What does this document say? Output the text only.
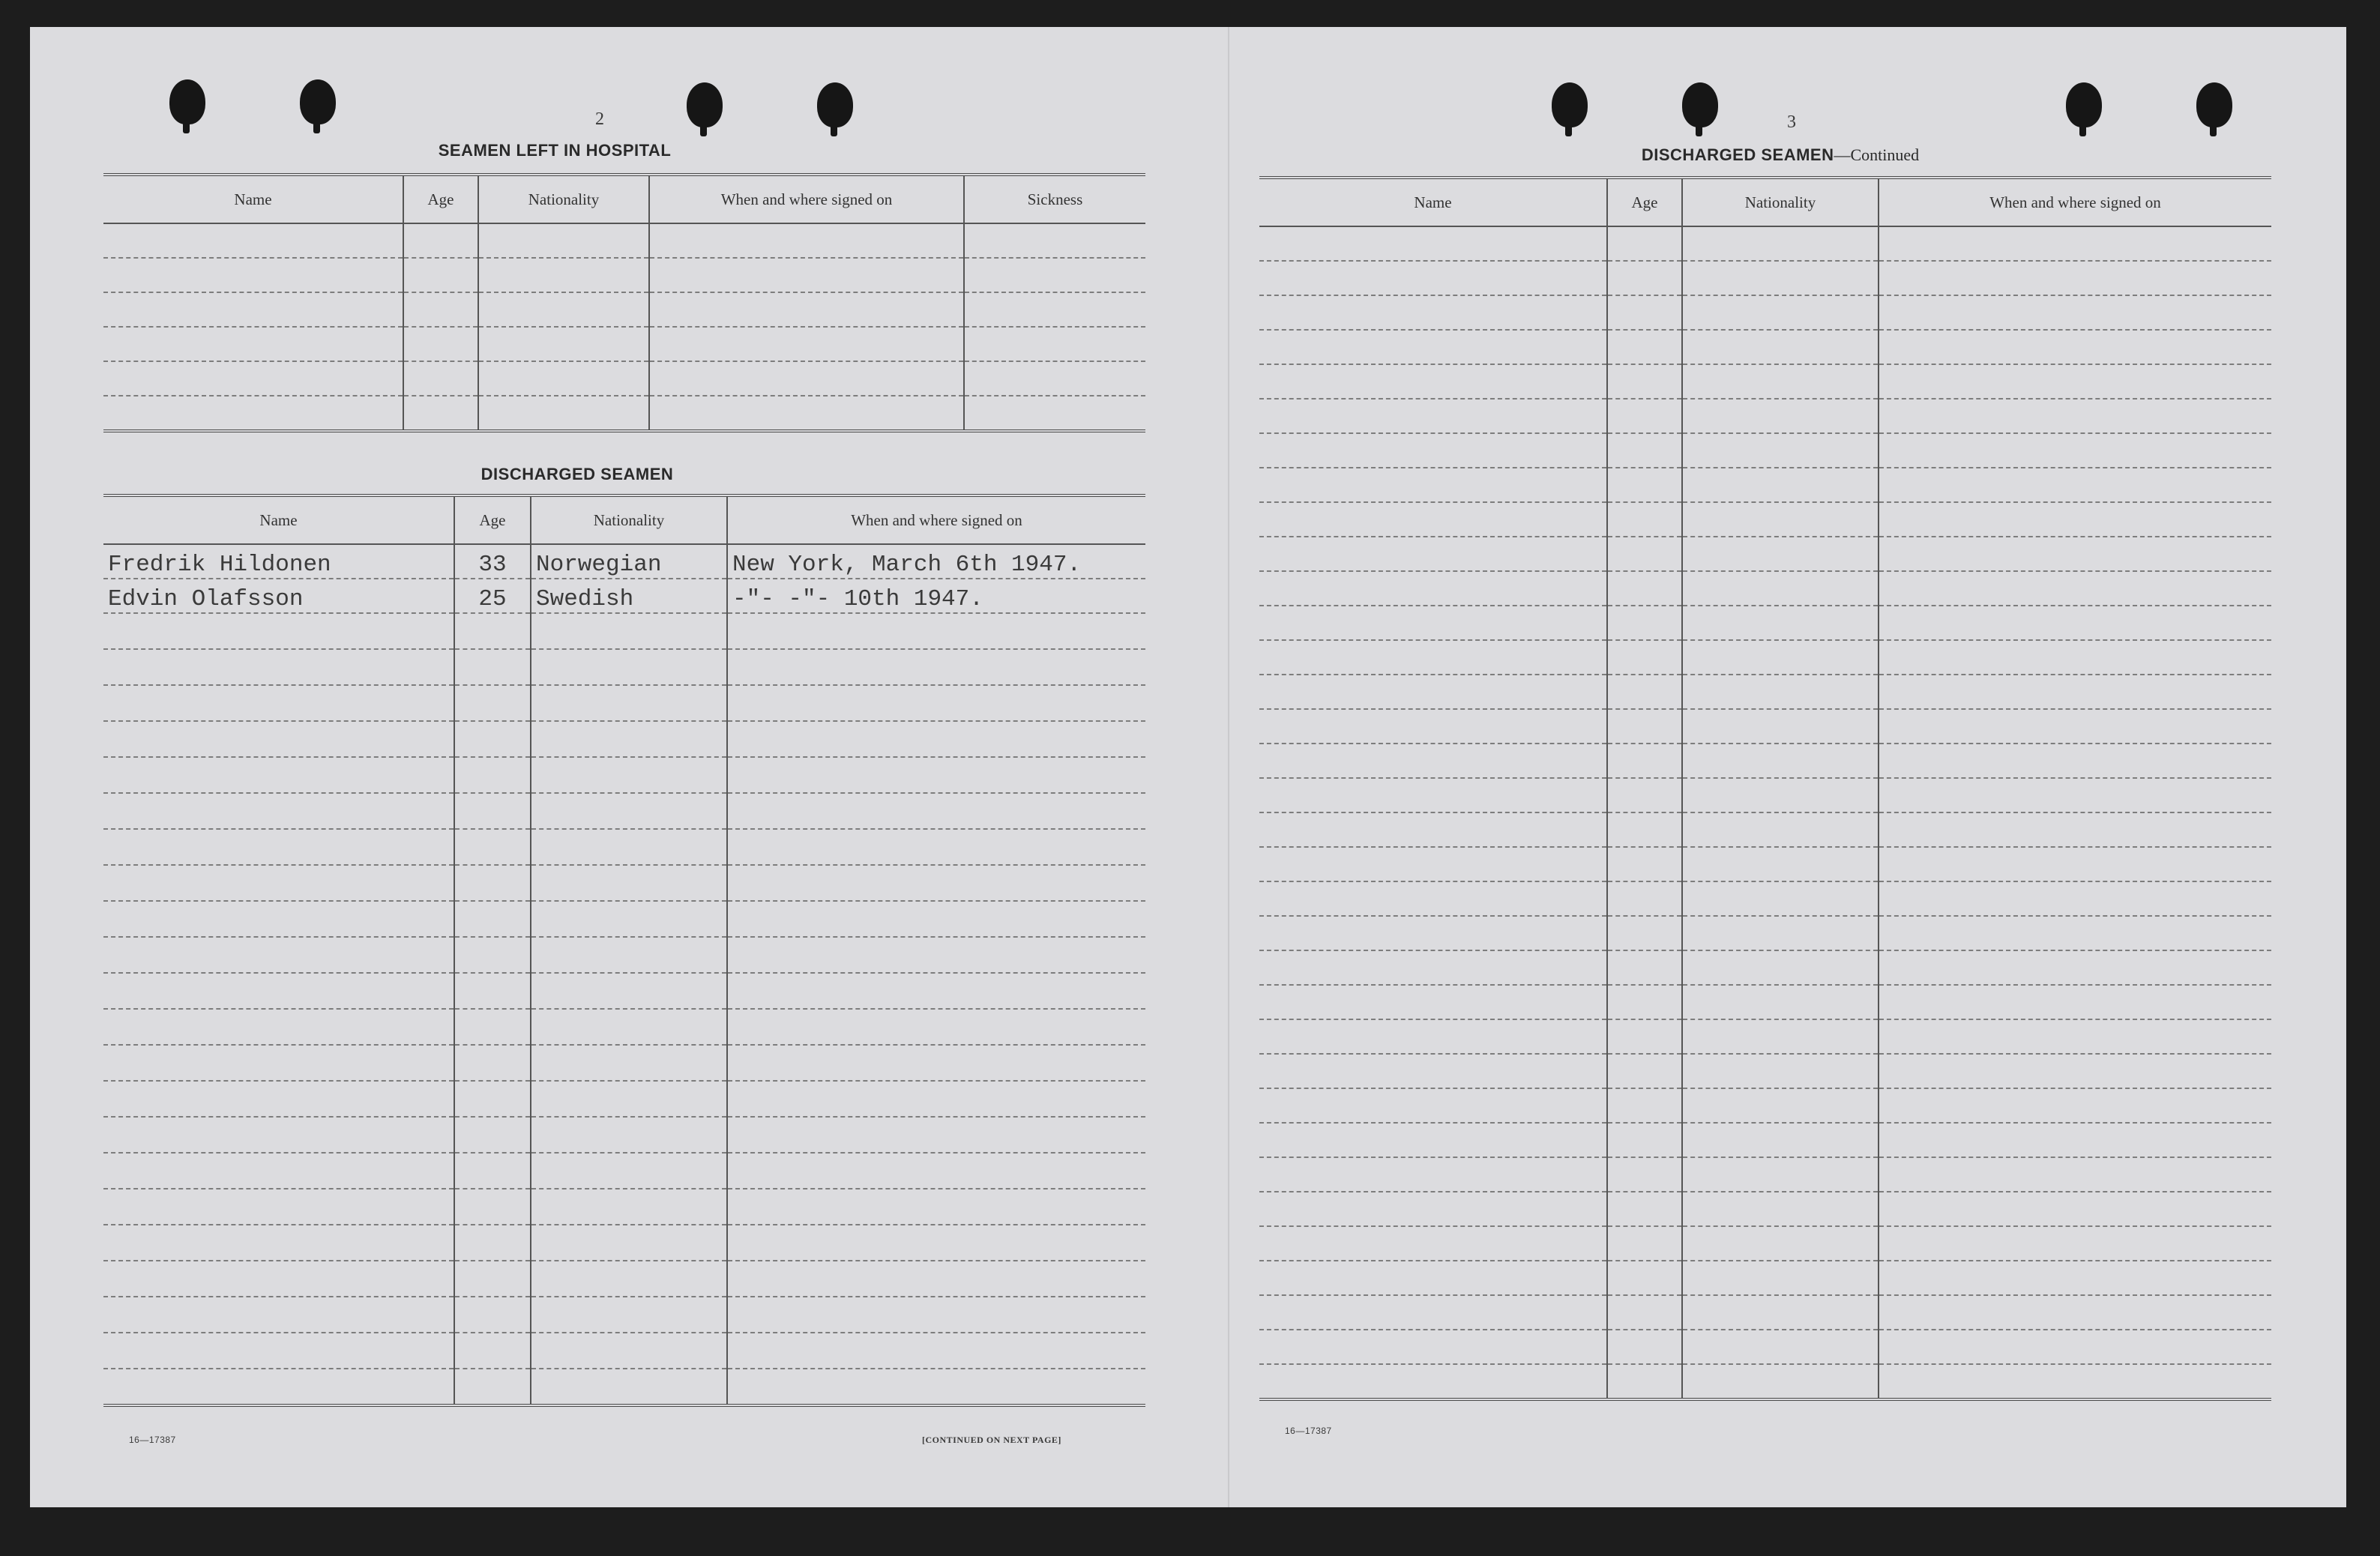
2
SEAMEN LEFT IN HOSPITAL
Name	Age	Nationality	When and where signed on	Sickness

DISCHARGED SEAMEN
Name	Age	Nationality	When and where signed on
Fredrik Hildonen	33	Norwegian	New York, March 6th 1947.
Edvin Olafsson	25	Swedish	-"- -"- 10th 1947.

16—17387	[CONTINUED ON NEXT PAGE]
3
DISCHARGED SEAMEN—Continued
Name	Age	Nationality	When and where signed on

16—17387
